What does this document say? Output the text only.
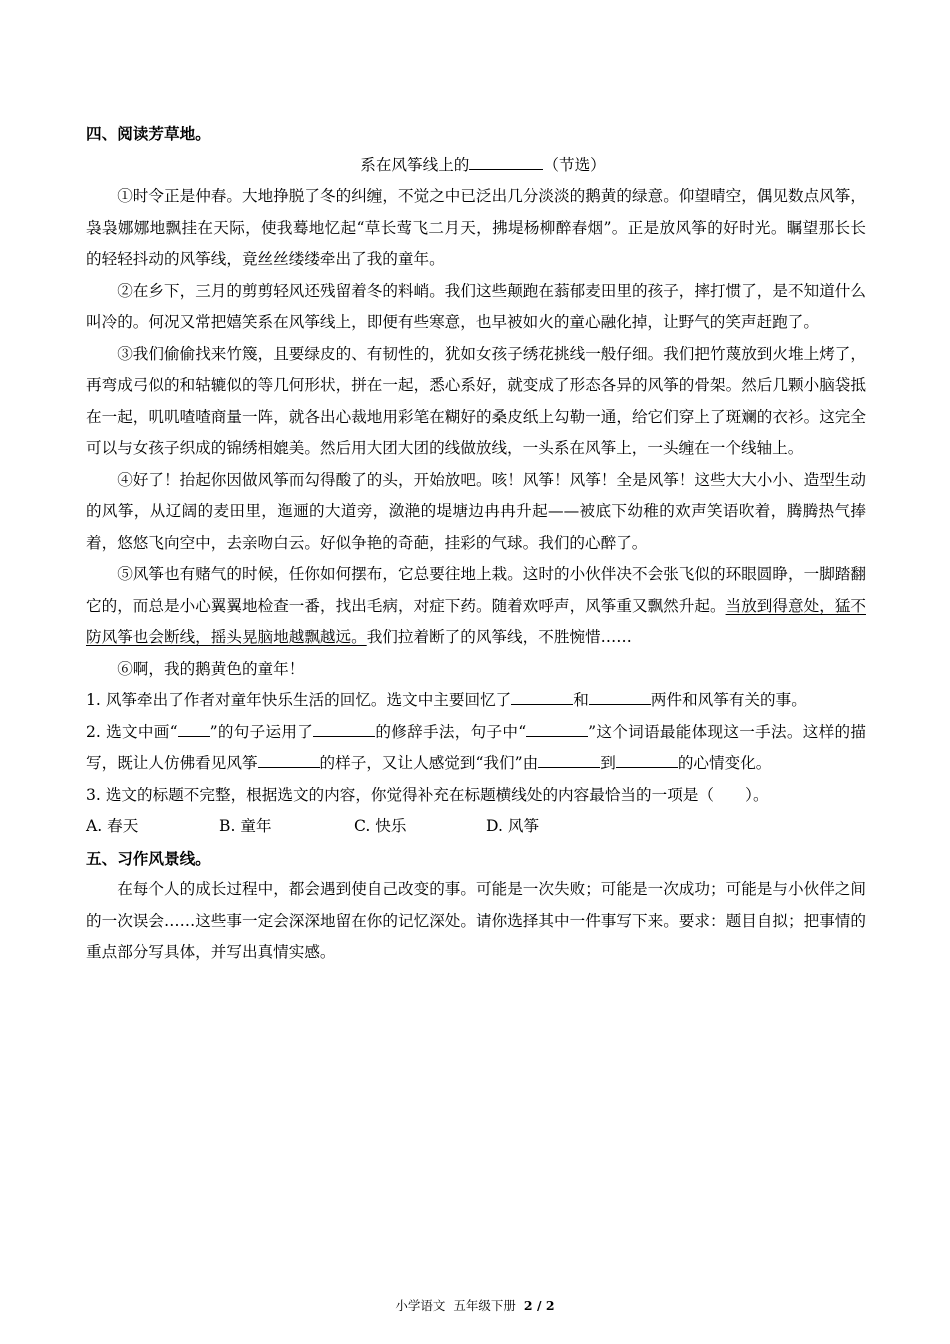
四、阅读芳草地。

系在风筝线上的	（节选）

①时令正是仲春。大地挣脱了冬的纠缠，不觉之中已泛出几分淡淡的鹅黄的绿意。仰望晴空，偶见数点风筝，袅袅娜娜地飘挂在天际，使我蓦地忆起“草长莺飞二月天，拂堤杨柳醉春烟”。正是放风筝的好时光。瞩望那长长的轻轻抖动的风筝线，竟丝丝缕缕牵出了我的童年。

②在乡下，三月的剪剪轻风还残留着冬的料峭。我们这些颠跑在蓊郁麦田里的孩子，摔打惯了，是不知道什么叫冷的。何况又常把嬉笑系在风筝线上，即便有些寒意，也早被如火的童心融化掉，让野气的笑声赶跑了。

③我们偷偷找来竹篾，且要绿皮的、有韧性的，犹如女孩子绣花挑线一般仔细。我们把竹蔑放到火堆上烤了，再弯成弓似的和轱辘似的等几何形状，拼在一起，悉心系好，就变成了形态各异的风筝的骨架。然后几颗小脑袋抵在一起，叽叽喳喳商量一阵，就各出心裁地用彩笔在糊好的桑皮纸上勾勒一通，给它们穿上了斑斓的衣衫。这完全可以与女孩子织成的锦绣相媲美。然后用大团大团的线做放线，一头系在风筝上，一头缠在一个线轴上。

④好了！抬起你因做风筝而勾得酸了的头，开始放吧。咳！风筝！风筝！全是风筝！这些大大小小、造型生动的风筝，从辽阔的麦田里，迤逦的大道旁，潋滟的堤塘边冉冉升起——被底下幼稚的欢声笑语吹着，腾腾热气捧着，悠悠飞向空中，去亲吻白云。好似争艳的奇葩，挂彩的气球。我们的心醉了。

⑤风筝也有赌气的时候，任你如何摆布，它总要往地上栽。这时的小伙伴决不会张飞似的环眼圆睁，一脚踏翻它的，而总是小心翼翼地检查一番，找出毛病，对症下药。随着欢呼声，风筝重又飘然升起。当放到得意处，猛不防风筝也会断线，摇头晃脑地越飘越远。我们拉着断了的风筝线，不胜惋惜……

⑥啊，我的鹅黄色的童年！

1. 风筝牵出了作者对童年快乐生活的回忆。选文中主要回忆了	和	两件和风筝有关的事。

2. 选文中画“ ”的句子运用了	的修辞手法，句子中“	”这个词语最能体现这一手法。这样的描写，既让人仿佛看见风筝	的样子，又让人感觉到“我们”由	到	的心情变化。

3. 选文的标题不完整，根据选文的内容，你觉得补充在标题横线处的内容最恰当的一项是（　　）。

A. 春天	B. 童年	C. 快乐	D. 风筝

五、习作风景线。

在每个人的成长过程中，都会遇到使自己改变的事。可能是一次失败；可能是一次成功；可能是与小伙伴之间的一次误会……这些事一定会深深地留在你的记忆深处。请你选择其中一件事写下来。要求：题目自拟；把事情的重点部分写具体，并写出真情实感。

小学语文 五年级下册 2 / 2
